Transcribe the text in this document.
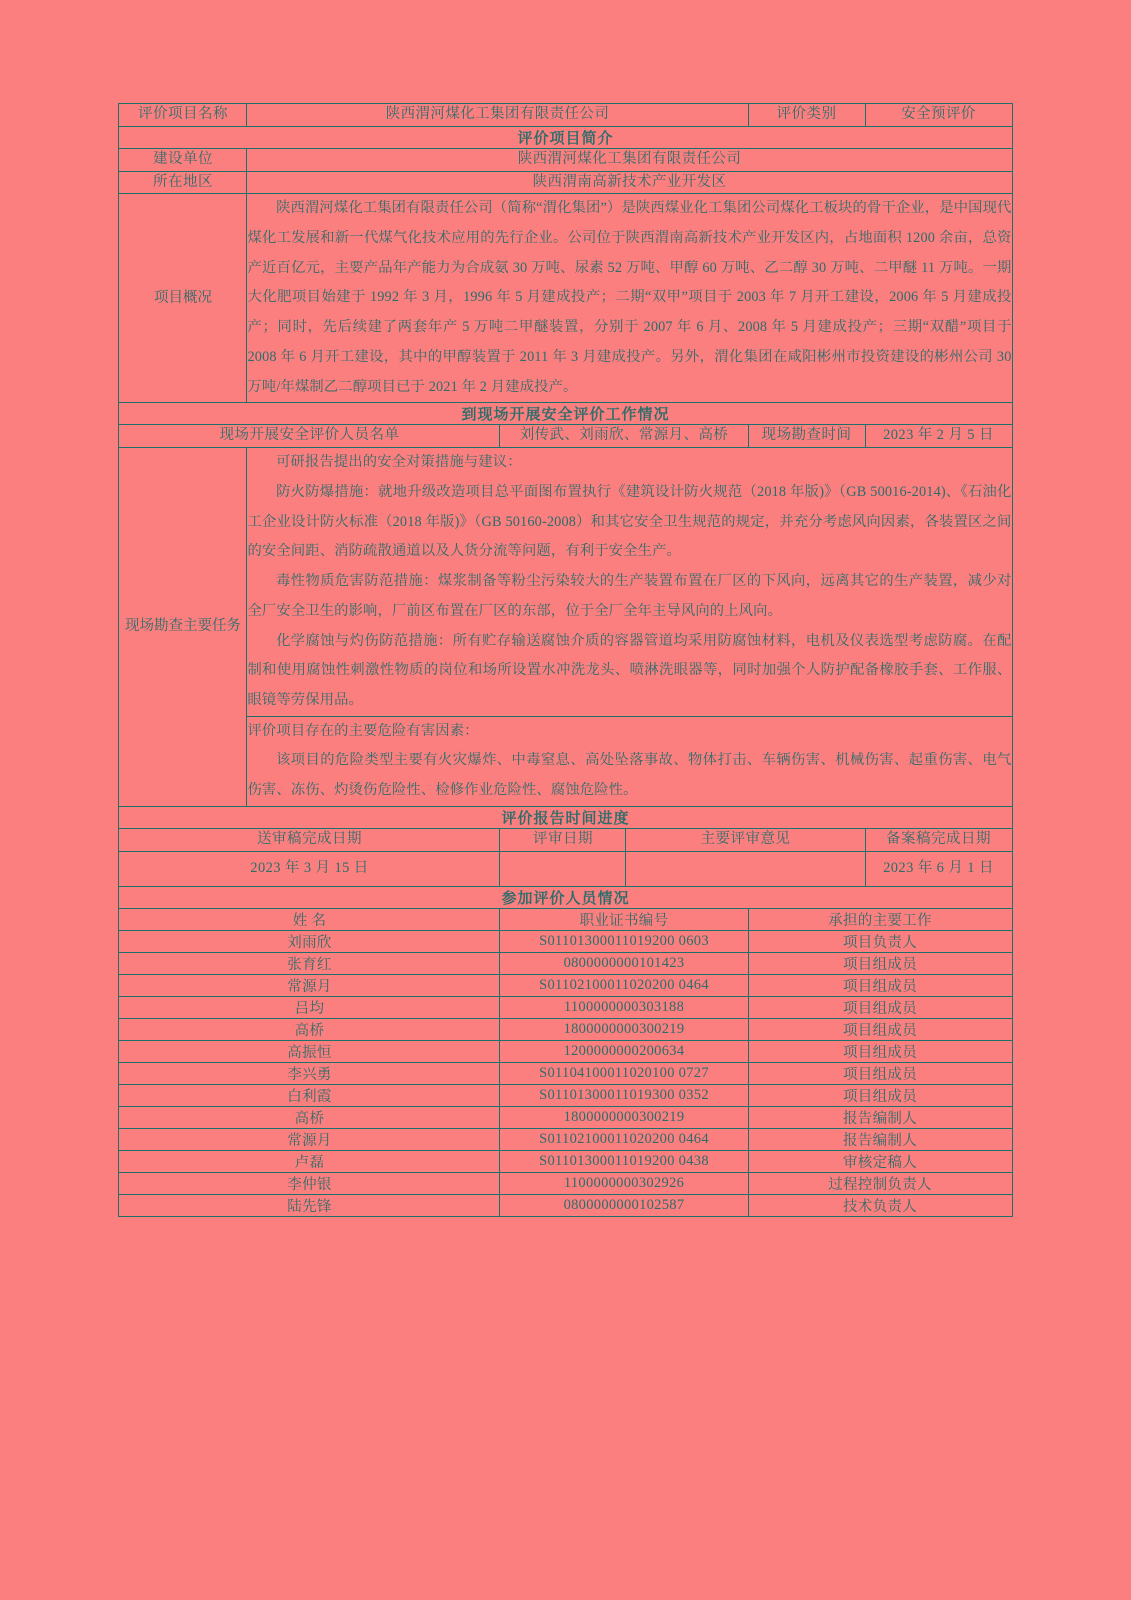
评价项目名称	陕西渭河煤化工集团有限责任公司			评价类别	安全预评价
评价项目简介					
建设单位	陕西渭河煤化工集团有限责任公司				
所在地区	陕西渭南高新技术产业开发区				
项目概况	陕西渭河煤化工集团有限责任公司（简称“渭化集团”）是陕西煤业化工集团公司煤化工板块的骨干企业，是中国现代煤化工发展和新一代煤气化技术应用的先行企业。公司位于陕西渭南高新技术产业开发区内，占地面积 1200 余亩，总资产近百亿元，主要产品年产能力为合成氨 30 万吨、尿素 52 万吨、甲醇 60 万吨、乙二醇 30 万吨、二甲醚 11 万吨。一期大化肥项目始建于 1992 年 3 月，1996 年 5 月建成投产；二期“双甲”项目于 2003 年 7 月开工建设，2006 年 5 月建成投产；同时，先后续建了两套年产 5 万吨二甲醚装置，分别于 2007 年 6 月、2008 年 5 月建成投产；三期“双醋”项目于 2008 年 6 月开工建设，其中的甲醇装置于 2011 年 3 月建成投产。另外，渭化集团在咸阳彬州市投资建设的彬州公司 30 万吨/年煤制乙二醇项目已于 2021 年 2 月建成投产。				

到现场开展安全评价工作情况					
现场开展安全评价人员名单		刘传武、刘雨欣、常源月、高桥		现场勘查时间	2023 年 2 月 5 日
现场勘查主要任务	可研报告提出的安全对策措施与建议：

防火防爆措施：就地升级改造项目总平面图布置执行《建筑设计防火规范（2018 年版)》（GB 50016-2014)、《石油化工企业设计防火标准（2018 年版)》（GB 50160-2008）和其它安全卫生规范的规定，并充分考虑风向因素，各装置区之间的安全间距、消防疏散通道以及人货分流等问题，有利于安全生产。

毒性物质危害防范措施：煤浆制备等粉尘污染较大的生产装置布置在厂区的下风向，远离其它的生产装置，减少对全厂安全卫生的影响，厂前区布置在厂区的东部，位于全厂全年主导风向的上风向。

化学腐蚀与灼伤防范措施：所有贮存输送腐蚀介质的容器管道均采用防腐蚀材料，电机及仪表选型考虑防腐。在配制和使用腐蚀性刺激性物质的岗位和场所设置水冲洗龙头、喷淋洗眼器等，同时加强个人防护配备橡胶手套、工作服、眼镜等劳保用品。				

	评价项目存在的主要危险有害因素：

该项目的危险类型主要有火灾爆炸、中毒窒息、高处坠落事故、物体打击、车辆伤害、机械伤害、起重伤害、电气伤害、冻伤、灼烫伤危险性、检修作业危险性、腐蚀危险性。				

评价报告时间进度					
送审稿完成日期		评审日期	主要评审意见		备案稿完成日期
2023 年 3 月 15 日					2023 年 6 月 1 日
参加评价人员情况					
姓 名		职业证书编号		承担的主要工作	
刘雨欣		S01101300011019200 0603		项目负责人	
张育红		0800000000101423		项目组成员	
常源月		S01102100011020200 0464		项目组成员	
吕均		1100000000303188		项目组成员	
高桥		1800000000300219		项目组成员	
高振恒		1200000000200634		项目组成员	
李兴勇		S01104100011020100 0727		项目组成员	
白利霞		S01101300011019300 0352		项目组成员	
高桥		1800000000300219		报告编制人	
常源月		S01102100011020200 0464		报告编制人	
卢磊		S01101300011019200 0438		审核定稿人	
李仲银		1100000000302926		过程控制负责人	
陆先锋		0800000000102587		技术负责人	
